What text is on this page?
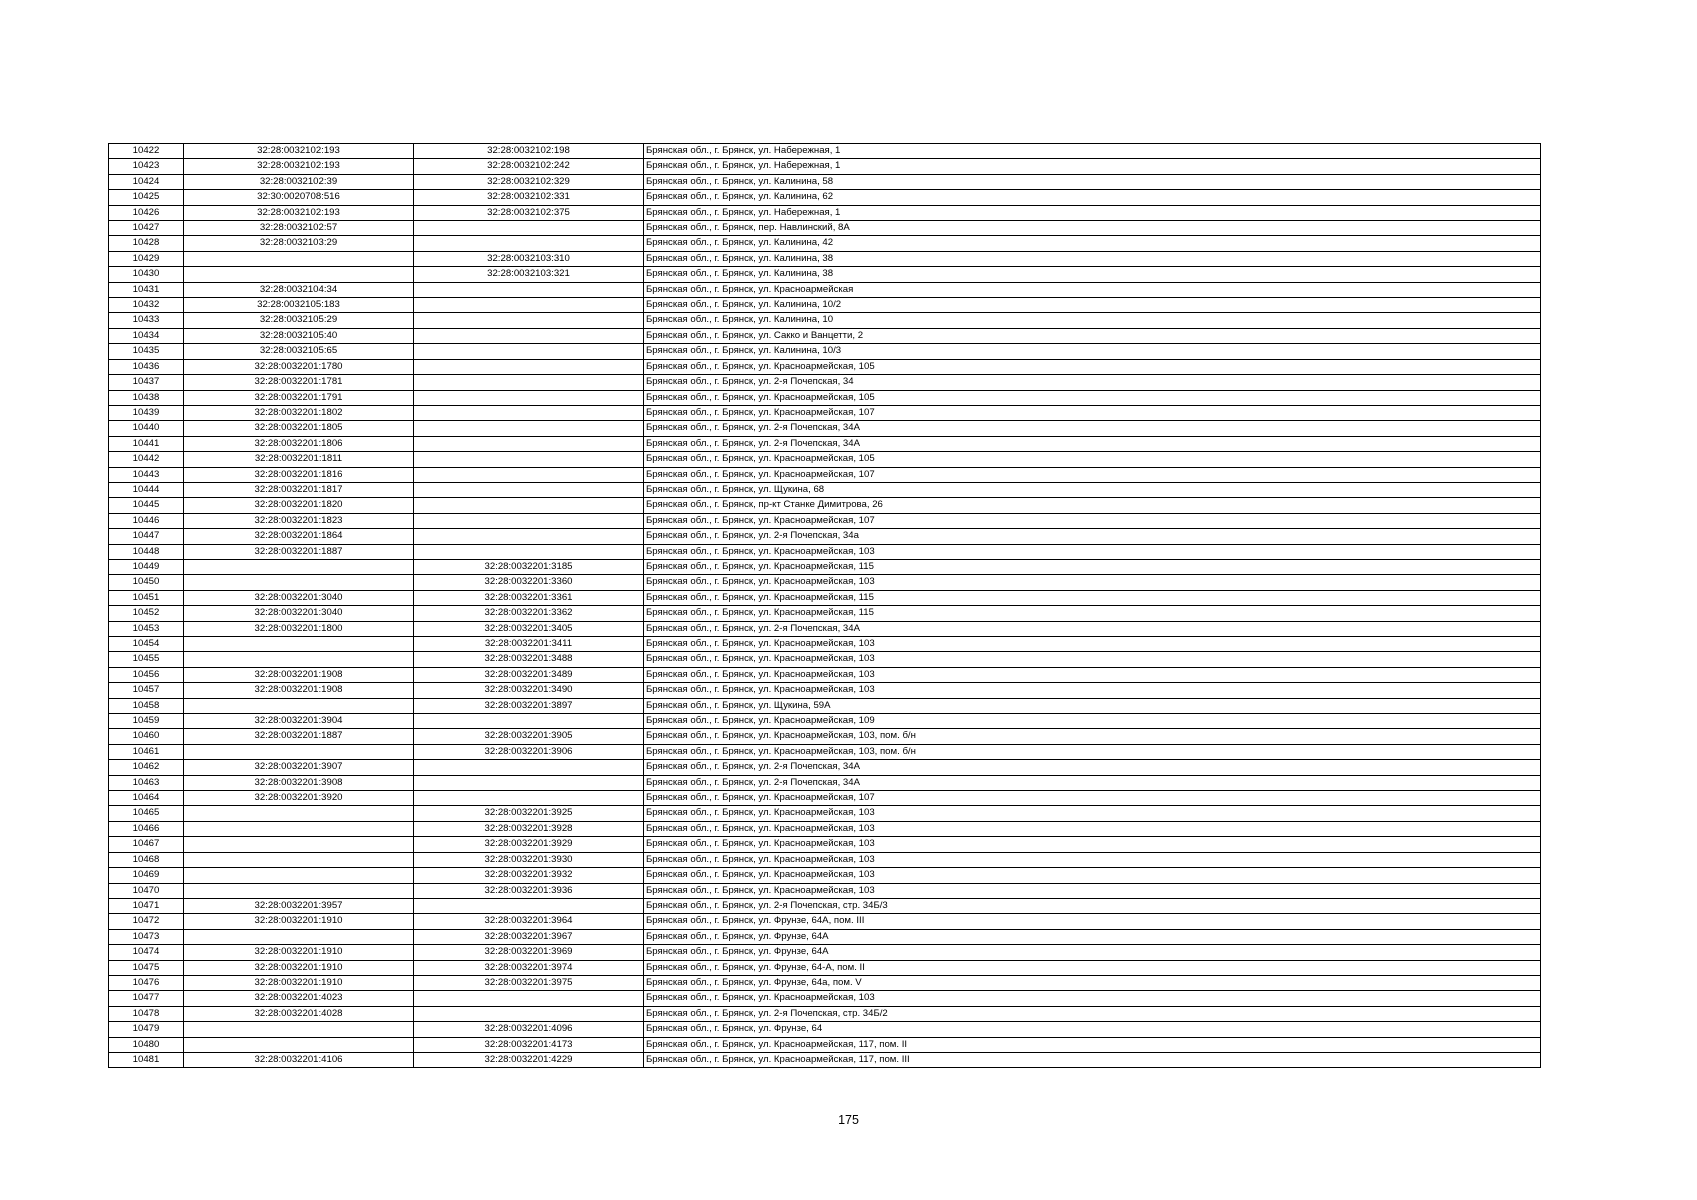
10422	32:28:0032102:193	32:28:0032102:198	Брянская обл., г. Брянск, ул. Набережная, 1
10423	32:28:0032102:193	32:28:0032102:242	Брянская обл., г. Брянск, ул. Набережная, 1
10424	32:28:0032102:39	32:28:0032102:329	Брянская обл., г. Брянск, ул. Калинина, 58
10425	32:30:0020708:516	32:28:0032102:331	Брянская обл., г. Брянск, ул. Калинина, 62
10426	32:28:0032102:193	32:28:0032102:375	Брянская обл., г. Брянск, ул. Набережная, 1
10427	32:28:0032102:57		Брянская обл., г. Брянск, пер. Навлинский, 8А
10428	32:28:0032103:29		Брянская обл., г. Брянск, ул. Калинина, 42
10429		32:28:0032103:310	Брянская обл., г. Брянск, ул. Калинина, 38
10430		32:28:0032103:321	Брянская обл., г. Брянск, ул. Калинина, 38
10431	32:28:0032104:34		Брянская обл., г. Брянск, ул. Красноармейская
10432	32:28:0032105:183		Брянская обл., г. Брянск, ул. Калинина, 10/2
10433	32:28:0032105:29		Брянская обл., г. Брянск, ул. Калинина, 10
10434	32:28:0032105:40		Брянская обл., г. Брянск, ул. Сакко и Ванцетти, 2
10435	32:28:0032105:65		Брянская обл., г. Брянск, ул. Калинина, 10/3
10436	32:28:0032201:1780		Брянская обл., г. Брянск, ул. Красноармейская, 105
10437	32:28:0032201:1781		Брянская обл., г. Брянск, ул. 2-я Почепская, 34
10438	32:28:0032201:1791		Брянская обл., г. Брянск, ул. Красноармейская, 105
10439	32:28:0032201:1802		Брянская обл., г. Брянск, ул. Красноармейская, 107
10440	32:28:0032201:1805		Брянская обл., г. Брянск, ул. 2-я Почепская, 34А
10441	32:28:0032201:1806		Брянская обл., г. Брянск, ул. 2-я Почепская, 34А
10442	32:28:0032201:1811		Брянская обл., г. Брянск, ул. Красноармейская, 105
10443	32:28:0032201:1816		Брянская обл., г. Брянск, ул. Красноармейская, 107
10444	32:28:0032201:1817		Брянская обл., г. Брянск, ул. Щукина, 68
10445	32:28:0032201:1820		Брянская обл., г. Брянск, пр-кт Станке Димитрова, 26
10446	32:28:0032201:1823		Брянская обл., г. Брянск, ул. Красноармейская, 107
10447	32:28:0032201:1864		Брянская обл., г. Брянск, ул. 2-я Почепская, 34а
10448	32:28:0032201:1887		Брянская обл., г. Брянск, ул. Красноармейская, 103
10449		32:28:0032201:3185	Брянская обл., г. Брянск, ул. Красноармейская, 115
10450		32:28:0032201:3360	Брянская обл., г. Брянск, ул. Красноармейская, 103
10451	32:28:0032201:3040	32:28:0032201:3361	Брянская обл., г. Брянск, ул. Красноармейская, 115
10452	32:28:0032201:3040	32:28:0032201:3362	Брянская обл., г. Брянск, ул. Красноармейская, 115
10453	32:28:0032201:1800	32:28:0032201:3405	Брянская обл., г. Брянск, ул. 2-я Почепская, 34А
10454		32:28:0032201:3411	Брянская обл., г. Брянск, ул. Красноармейская, 103
10455		32:28:0032201:3488	Брянская обл., г. Брянск, ул. Красноармейская, 103
10456	32:28:0032201:1908	32:28:0032201:3489	Брянская обл., г. Брянск, ул. Красноармейская, 103
10457	32:28:0032201:1908	32:28:0032201:3490	Брянская обл., г. Брянск, ул. Красноармейская, 103
10458		32:28:0032201:3897	Брянская обл., г. Брянск, ул. Щукина, 59А
10459	32:28:0032201:3904		Брянская обл., г. Брянск, ул. Красноармейская, 109
10460	32:28:0032201:1887	32:28:0032201:3905	Брянская обл., г. Брянск, ул. Красноармейская, 103, пом. б/н
10461		32:28:0032201:3906	Брянская обл., г. Брянск, ул. Красноармейская, 103, пом. б/н
10462	32:28:0032201:3907		Брянская обл., г. Брянск, ул. 2-я Почепская, 34А
10463	32:28:0032201:3908		Брянская обл., г. Брянск, ул. 2-я Почепская, 34А
10464	32:28:0032201:3920		Брянская обл., г. Брянск, ул. Красноармейская, 107
10465		32:28:0032201:3925	Брянская обл., г. Брянск, ул. Красноармейская, 103
10466		32:28:0032201:3928	Брянская обл., г. Брянск, ул. Красноармейская, 103
10467		32:28:0032201:3929	Брянская обл., г. Брянск, ул. Красноармейская, 103
10468		32:28:0032201:3930	Брянская обл., г. Брянск, ул. Красноармейская, 103
10469		32:28:0032201:3932	Брянская обл., г. Брянск, ул. Красноармейская, 103
10470		32:28:0032201:3936	Брянская обл., г. Брянск, ул. Красноармейская, 103
10471	32:28:0032201:3957		Брянская обл., г. Брянск, ул. 2-я Почепская, стр. 34Б/3
10472	32:28:0032201:1910	32:28:0032201:3964	Брянская обл., г. Брянск, ул. Фрунзе, 64А, пом. III
10473		32:28:0032201:3967	Брянская обл., г. Брянск, ул. Фрунзе, 64А
10474	32:28:0032201:1910	32:28:0032201:3969	Брянская обл., г. Брянск, ул. Фрунзе, 64А
10475	32:28:0032201:1910	32:28:0032201:3974	Брянская обл., г. Брянск, ул. Фрунзе, 64-А, пом. II
10476	32:28:0032201:1910	32:28:0032201:3975	Брянская обл., г. Брянск, ул. Фрунзе, 64а, пом. V
10477	32:28:0032201:4023		Брянская обл., г. Брянск, ул. Красноармейская, 103
10478	32:28:0032201:4028		Брянская обл., г. Брянск, ул. 2-я Почепская, стр. 34Б/2
10479		32:28:0032201:4096	Брянская обл., г. Брянск, ул. Фрунзе, 64
10480		32:28:0032201:4173	Брянская обл., г. Брянск, ул. Красноармейская, 117, пом. II
10481	32:28:0032201:4106	32:28:0032201:4229	Брянская обл., г. Брянск, ул. Красноармейская, 117, пом. III
175
